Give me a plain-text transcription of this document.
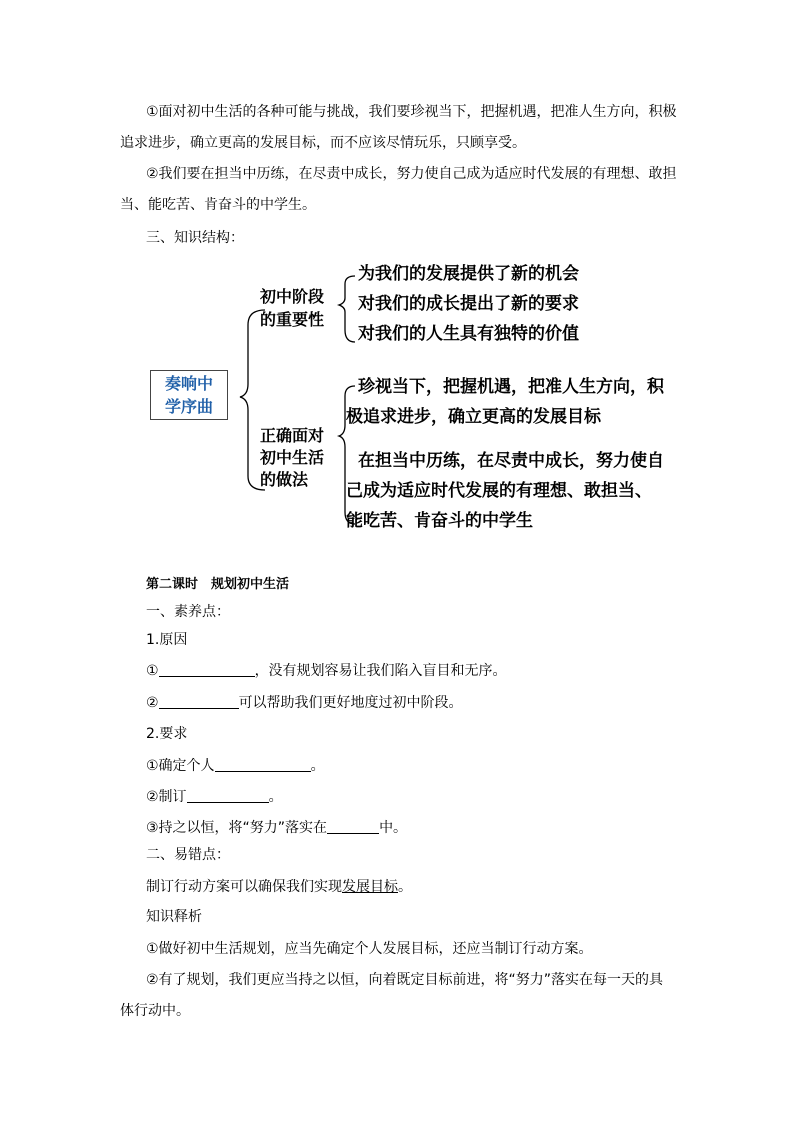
①面对初中生活的各种可能与挑战，我们要珍视当下，把握机遇，把准人生方向，积极
追求进步，确立更高的发展目标，而不应该尽情玩乐，只顾享受。
②我们要在担当中历练，在尽责中成长，努力使自己成为适应时代发展的有理想、敢担
当、能吃苦、肯奋斗的中学生。
三、知识结构：
奏响中
学序曲
初中阶段
的重要性
为我们的发展提供了新的机会
对我们的成长提出了新的要求
对我们的人生具有独特的价值
正确面对
初中生活
的做法
珍视当下，把握机遇，把准人生方向，积
极追求进步，确立更高的发展目标
在担当中历练，在尽责中成长，努力使自
己成为适应时代发展的有理想、敢担当、
能吃苦、肯奋斗的中学生
第二课时　规划初中生活
一、素养点：
1.原因
①	，没有规划容易让我们陷入盲目和无序。
②	可以帮助我们更好地度过初中阶段。
2.要求
①确定个人	。
②制订	。
③持之以恒，将“努力”落实在	中。
二、易错点：
制订行动方案可以确保我们实现发展目标。
知识释析
①做好初中生活规划，应当先确定个人发展目标，还应当制订行动方案。
②有了规划，我们更应当持之以恒，向着既定目标前进，将“努力”落实在每一天的具
体行动中。
